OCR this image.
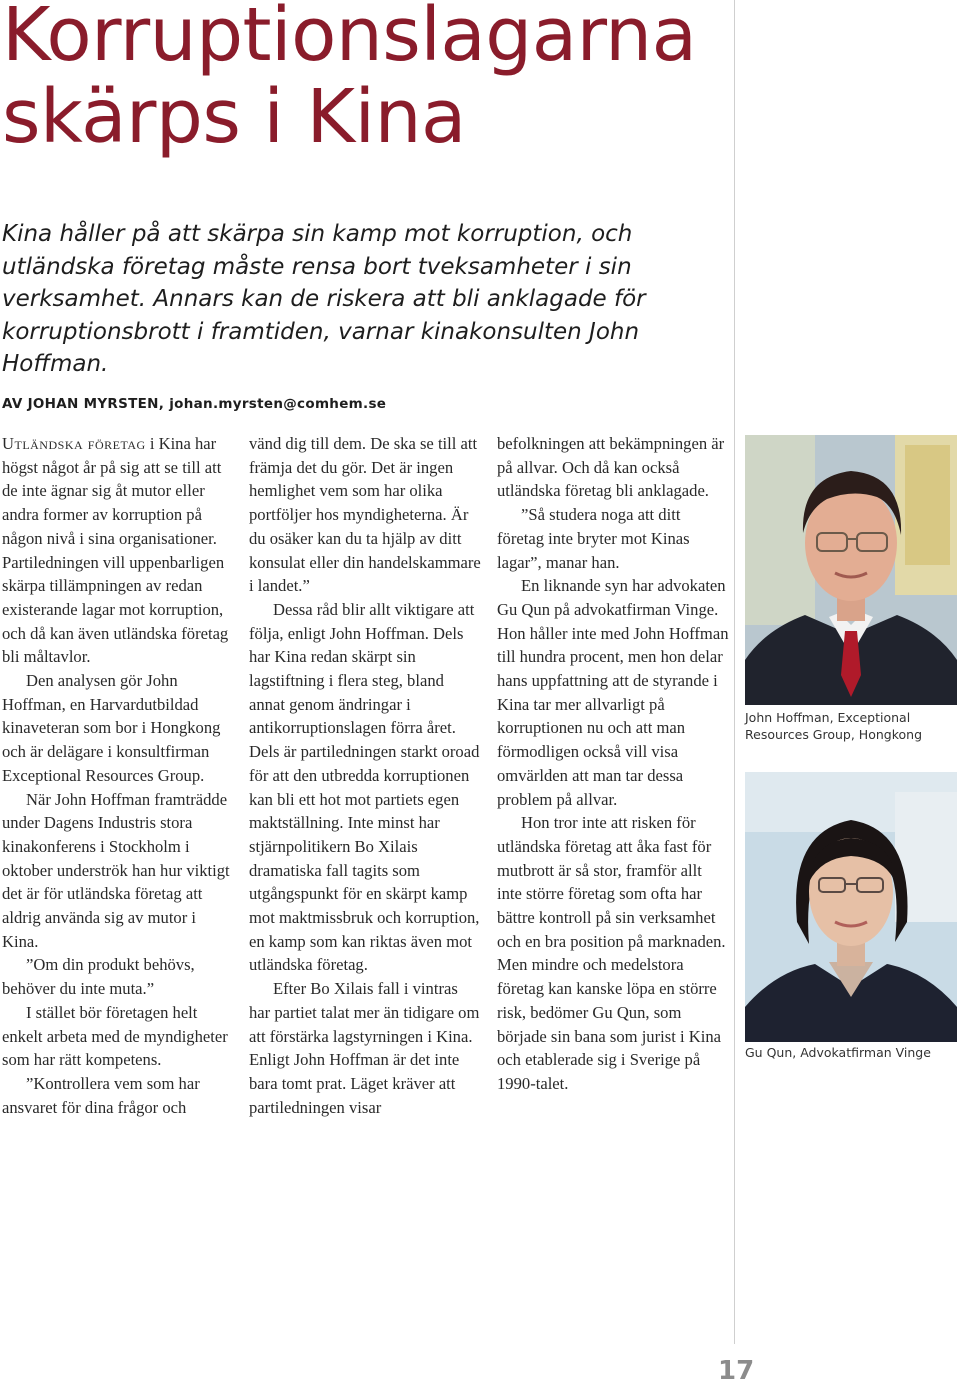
Korruptionslagarna
skärps i Kina

Kina håller på att skärpa sin kamp mot korruption, och utländska företag måste rensa bort tveksamheter i sin verksamhet. Annars kan de riskera att bli anklagade för korruptionsbrott i framtiden, varnar kinakonsulten John Hoffman.

AV JOHAN MYRSTEN, johan.myrsten@comhem.se

Utländska företag i Kina har högst något år på sig att se till att de inte ägnar sig åt mutor eller andra former av korruption på någon nivå i sina organisationer. Partiledningen vill uppenbarligen skärpa tillämpningen av redan existerande lagar mot korruption, och då kan även utländska företag bli måltavlor.

Den analysen gör John Hoffman, en Harvardutbildad kinaveteran som bor i Hongkong och är delägare i konsultfirman Exceptional Resources Group.

När John Hoffman framträdde under Dagens Industris stora kinakonferens i Stockholm i oktober underströk han hur viktigt det är för utländska företag att aldrig använda sig av mutor i Kina.

”Om din produkt behövs, behöver du inte muta.”

I stället bör företagen helt enkelt arbeta med de myndigheter som har rätt kompetens.

”Kontrollera vem som har ansvaret för dina frågor och

vänd dig till dem. De ska se till att främja det du gör. Det är ingen hemlighet vem som har olika portföljer hos myndigheterna. Är du osäker kan du ta hjälp av ditt konsulat eller din handelskammare i landet.”

Dessa råd blir allt viktigare att följa, enligt John Hoffman. Dels har Kina redan skärpt sin lagstiftning i flera steg, bland annat genom ändringar i antikorruptionslagen förra året. Dels är partiledningen starkt oroad för att den utbredda korruptionen kan bli ett hot mot partiets egen maktställning. Inte minst har stjärnpolitikern Bo Xilais dramatiska fall tagits som utgångspunkt för en skärpt kamp mot maktmissbruk och korruption, en kamp som kan riktas även mot utländska företag.

Efter Bo Xilais fall i vintras har partiet talat mer än tidigare om att förstärka lagstyrningen i Kina. Enligt John Hoffman är det inte bara tomt prat. Läget kräver att partiledningen visar

befolkningen att bekämpningen är på allvar. Och då kan också utländska företag bli anklagade.

”Så studera noga att ditt företag inte bryter mot Kinas lagar”, manar han.

En liknande syn har advokaten Gu Qun på advokatfirman Vinge. Hon håller inte med John Hoffman till hundra procent, men hon delar hans uppfattning att de styrande i Kina tar mer allvarligt på korruptionen nu och att man förmodligen också vill visa omvärlden att man tar dessa problem på allvar.

Hon tror inte att risken för utländska företag att åka fast för mutbrott är så stor, framför allt inte större företag som ofta har bättre kontroll på sin verksamhet och en bra position på marknaden. Men mindre och medelstora företag kan kanske löpa en större risk, bedömer Gu Qun, som började sin bana som jurist i Kina och etablerade sig i Sverige på 1990-talet.

John Hoffman, Exceptional Resources Group, Hongkong
Gu Qun, Advokatfirman Vinge
17
